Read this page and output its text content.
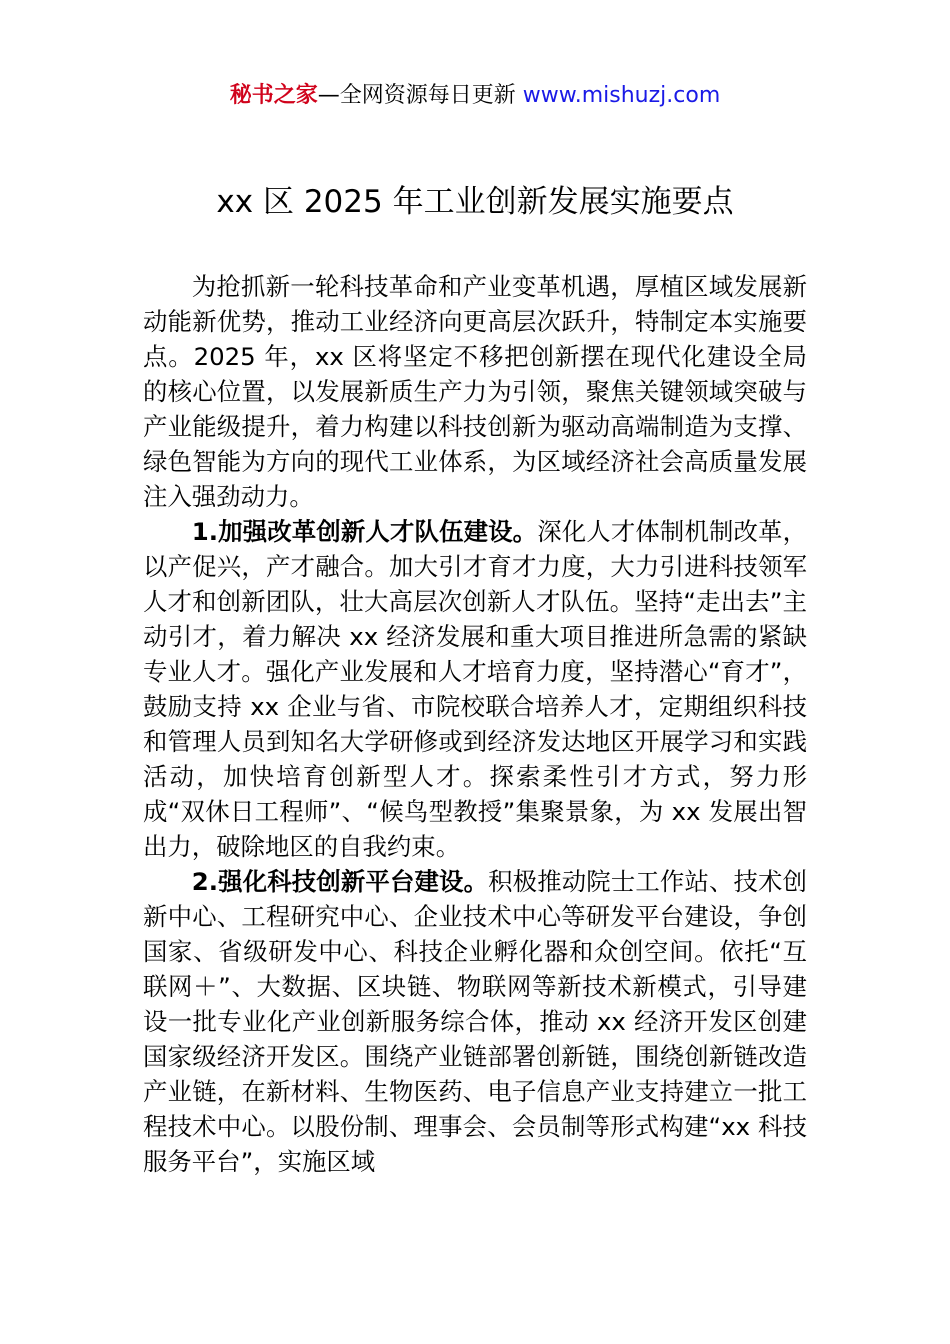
秘书之家—全网资源每日更新 www.mishuzj.com
xx 区 2025 年工业创新发展实施要点

为抢抓新一轮科技革命和产业变革机遇，厚植区域发展新动能新优势，推动工业经济向更高层次跃升，特制定本实施要点。2025 年，xx 区将坚定不移把创新摆在现代化建设全局的核心位置，以发展新质生产力为引领，聚焦关键领域突破与产业能级提升，着力构建以科技创新为驱动高端制造为支撑、绿色智能为方向的现代工业体系，为区域经济社会高质量发展注入强劲动力。

1.加强改革创新人才队伍建设。深化人才体制机制改革，以产促兴，产才融合。加大引才育才力度，大力引进科技领军人才和创新团队，壮大高层次创新人才队伍。坚持“走出去”主动引才，着力解决 xx 经济发展和重大项目推进所急需的紧缺专业人才。强化产业发展和人才培育力度，坚持潜心“育才”，鼓励支持 xx 企业与省、市院校联合培养人才，定期组织科技和管理人员到知名大学研修或到经济发达地区开展学习和实践活动，加快培育创新型人才。探索柔性引才方式，努力形成“双休日工程师”、“候鸟型教授”集聚景象，为 xx 发展出智出力，破除地区的自我约束。

2.强化科技创新平台建设。积极推动院士工作站、技术创新中心、工程研究中心、企业技术中心等研发平台建设，争创国家、省级研发中心、科技企业孵化器和众创空间。依托“互联网＋”、大数据、区块链、物联网等新技术新模式，引导建设一批专业化产业创新服务综合体，推动 xx 经济开发区创建国家级经济开发区。围绕产业链部署创新链，围绕创新链改造产业链，在新材料、生物医药、电子信息产业支持建立一批工程技术中心。以股份制、理事会、会员制等形式构建“xx 科技服务平台”，实施区域
